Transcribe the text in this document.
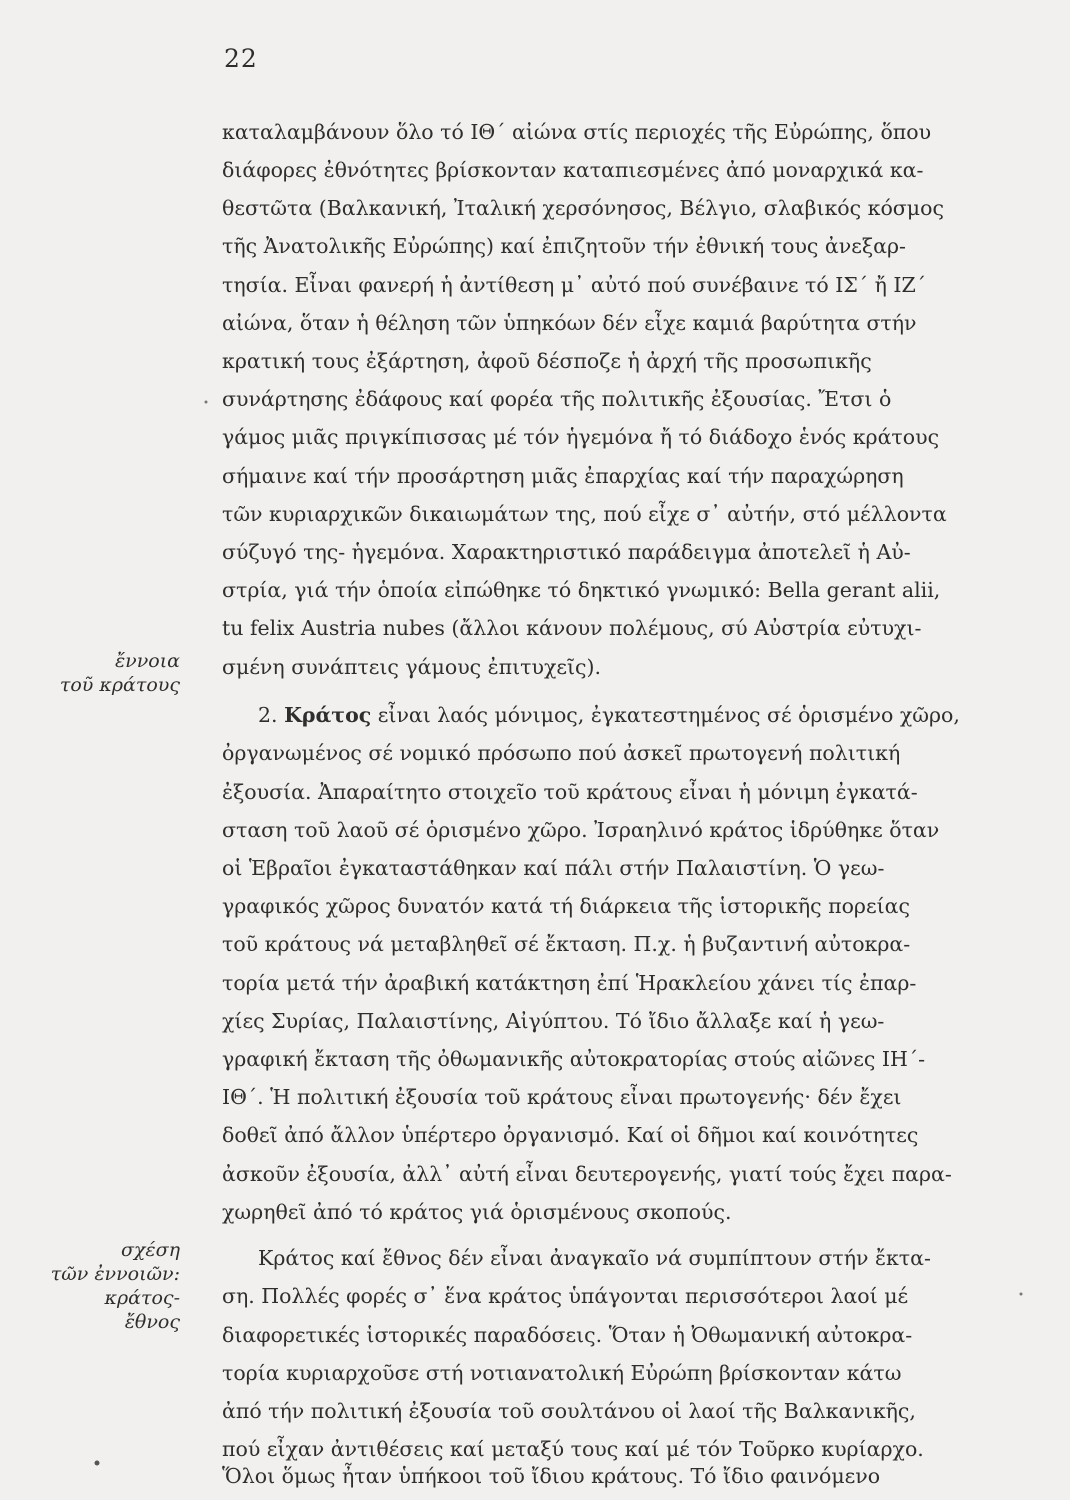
22
καταλαμβάνουν ὅλο τό ΙΘ΄ αἰώνα στίς περιοχές τῆς Εὐρώπης, ὅπου
διάφορες ἐθνότητες βρίσκονταν καταπιεσμένες ἀπό μοναρχικά κα-
θεστῶτα (Βαλκανική, Ἰταλική χερσόνησος, Βέλγιο, σλαβικός κόσμος
τῆς Ἀνατολικῆς Εὐρώπης) καί ἐπιζητοῦν τήν ἐθνική τους ἀνεξαρ-
τησία. Εἶναι φανερή ἡ ἀντίθεση μ᾽ αὐτό πού συνέβαινε τό ΙΣ΄ ἤ ΙΖ΄
αἰώνα, ὅταν ἡ θέληση τῶν ὑπηκόων δέν εἶχε καμιά βαρύτητα στήν
κρατική τους ἐξάρτηση, ἀφοῦ δέσποζε ἡ ἀρχή τῆς προσωπικῆς
συνάρτησης ἐδάφους καί φορέα τῆς πολιτικῆς ἐξουσίας. Ἔτσι ὁ
γάμος μιᾶς πριγκίπισσας μέ τόν ἡγεμόνα ἤ τό διάδοχο ἑνός κράτους
σήμαινε καί τήν προσάρτηση μιᾶς ἐπαρχίας καί τήν παραχώρηση
τῶν κυριαρχικῶν δικαιωμάτων της, πού εἶχε σ᾽ αὐτήν, στό μέλλοντα
σύζυγό της- ἡγεμόνα. Χαρακτηριστικό παράδειγμα ἀποτελεῖ ἡ Αὐ-
στρία, γιά τήν ὁποία εἰπώθηκε τό δηκτικό γνωμικό: Bella gerant alii,
tu felix Austria nubes (ἄλλοι κάνουν πολέμους, σύ Αὐστρία εὐτυχι-
σμένη συνάπτεις γάμους ἐπιτυχεῖς).
ἔννοια
τοῦ κράτους
2. Κράτος εἶναι λαός μόνιμος, ἐγκατεστημένος σέ ὁρισμένο χῶρο,
ὀργανωμένος σέ νομικό πρόσωπο πού ἀσκεῖ πρωτογενή πολιτική
ἐξουσία. Ἀπαραίτητο στοιχεῖο τοῦ κράτους εἶναι ἡ μόνιμη ἐγκατά-
σταση τοῦ λαοῦ σέ ὁρισμένο χῶρο. Ἰσραηλινό κράτος ἱδρύθηκε ὅταν
οἱ Ἑβραῖοι ἐγκαταστάθηκαν καί πάλι στήν Παλαιστίνη. Ὁ γεω-
γραφικός χῶρος δυνατόν κατά τή διάρκεια τῆς ἱστορικῆς πορείας
τοῦ κράτους νά μεταβληθεῖ σέ ἔκταση. Π.χ. ἡ βυζαντινή αὐτοκρα-
τορία μετά τήν ἀραβική κατάκτηση ἐπί Ἡρακλείου χάνει τίς ἐπαρ-
χίες Συρίας, Παλαιστίνης, Αἰγύπτου. Τό ἴδιο ἄλλαξε καί ἡ γεω-
γραφική ἔκταση τῆς ὀθωμανικῆς αὐτοκρατορίας στούς αἰῶνες ΙΗ΄-
ΙΘ΄. Ἡ πολιτική ἐξουσία τοῦ κράτους εἶναι πρωτογενής· δέν ἔχει
δοθεῖ ἀπό ἄλλον ὑπέρτερο ὀργανισμό. Καί οἱ δῆμοι καί κοινότητες
ἀσκοῦν ἐξουσία, ἀλλ᾽ αὐτή εἶναι δευτερογενής, γιατί τούς ἔχει παρα-
χωρηθεῖ ἀπό τό κράτος γιά ὁρισμένους σκοπούς.
σχέση
τῶν ἐννοιῶν:
κράτος-
ἔθνος
Κράτος καί ἔθνος δέν εἶναι ἀναγκαῖο νά συμπίπτουν στήν ἔκτα-
ση. Πολλές φορές σ᾽ ἕνα κράτος ὑπάγονται περισσότεροι λαοί μέ
διαφορετικές ἱστορικές παραδόσεις. Ὅταν ἡ Ὀθωμανική αὐτοκρα-
τορία κυριαρχοῦσε στή νοτιανατολική Εὐρώπη βρίσκονταν κάτω
ἀπό τήν πολιτική ἐξουσία τοῦ σουλτάνου οἱ λαοί τῆς Βαλκανικῆς,
πού εἶχαν ἀντιθέσεις καί μεταξύ τους καί μέ τόν Τοῦρκο κυρίαρχο.
Ὅλοι ὅμως ἦταν ὑπήκοοι τοῦ ἴδιου κράτους. Τό ἴδιο φαινόμενο
